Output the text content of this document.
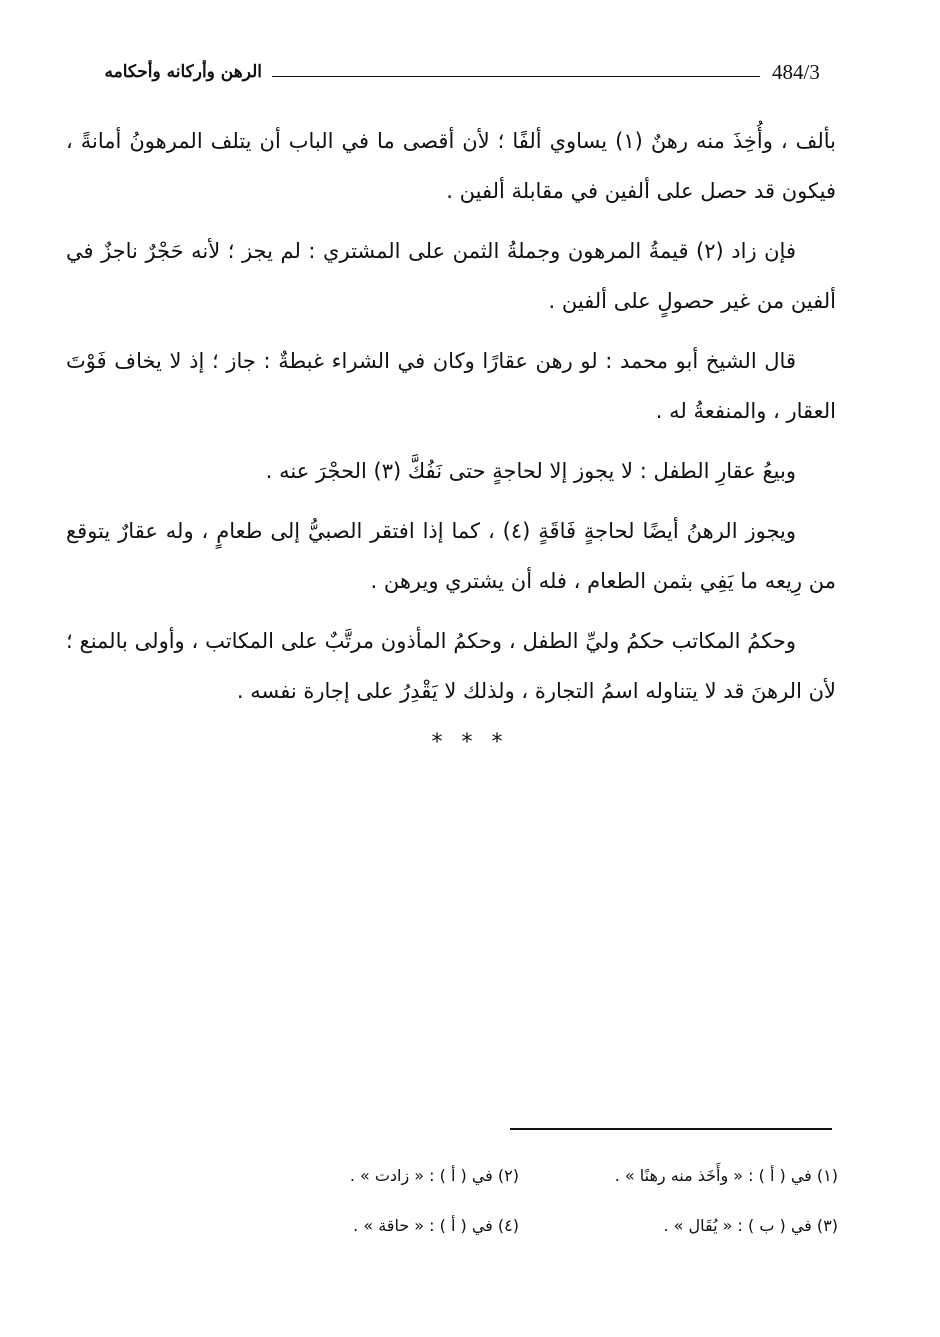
484/3
الرهن وأركانه وأحكامه

بألف ، وأُخِذَ منه رهنٌ (١) يساوي ألفًا ؛ لأن أقصى ما في الباب أن يتلف المرهونُ أمانةً ، فيكون قد حصل على ألفين في مقابلة ألفين .

فإن زاد (٢) قيمةُ المرهون وجملةُ الثمن على المشتري : لم يجز ؛ لأنه حَجْرٌ ناجزٌ في ألفين من غير حصولٍ على ألفين .

قال الشيخ أبو محمد : لو رهن عقارًا وكان في الشراء غبطةٌ : جاز ؛ إذ لا يخاف فَوْتَ العقار ، والمنفعةُ له .

وبيعُ عقارِ الطفل : لا يجوز إلا لحاجةٍ حتى نَفُكَّ (٣) الحجْرَ عنه .

ويجوز الرهنُ أيضًا لحاجةٍ فَاقَةٍ (٤) ، كما إذا افتقر الصبيُّ إلى طعامٍ ، وله عقارٌ يتوقع من رِيعه ما يَفِي بثمن الطعام ، فله أن يشتري ويرهن .

وحكمُ المكاتب حكمُ وليِّ الطفل ، وحكمُ المأذون مرتَّبٌ على المكاتب ، وأولى بالمنع ؛ لأن الرهنَ قد لا يتناوله اسمُ التجارة ، ولذلك لا يَقْدِرُ على إجارة نفسه .

* * *
(١) في ( أ ) : « وأَخَذ منه رهنًا » .
(٢) في ( أ ) : « زادت » .
(٣) في ( ب ) : « يُقَال » .
(٤) في ( أ ) : « حاقة » .
